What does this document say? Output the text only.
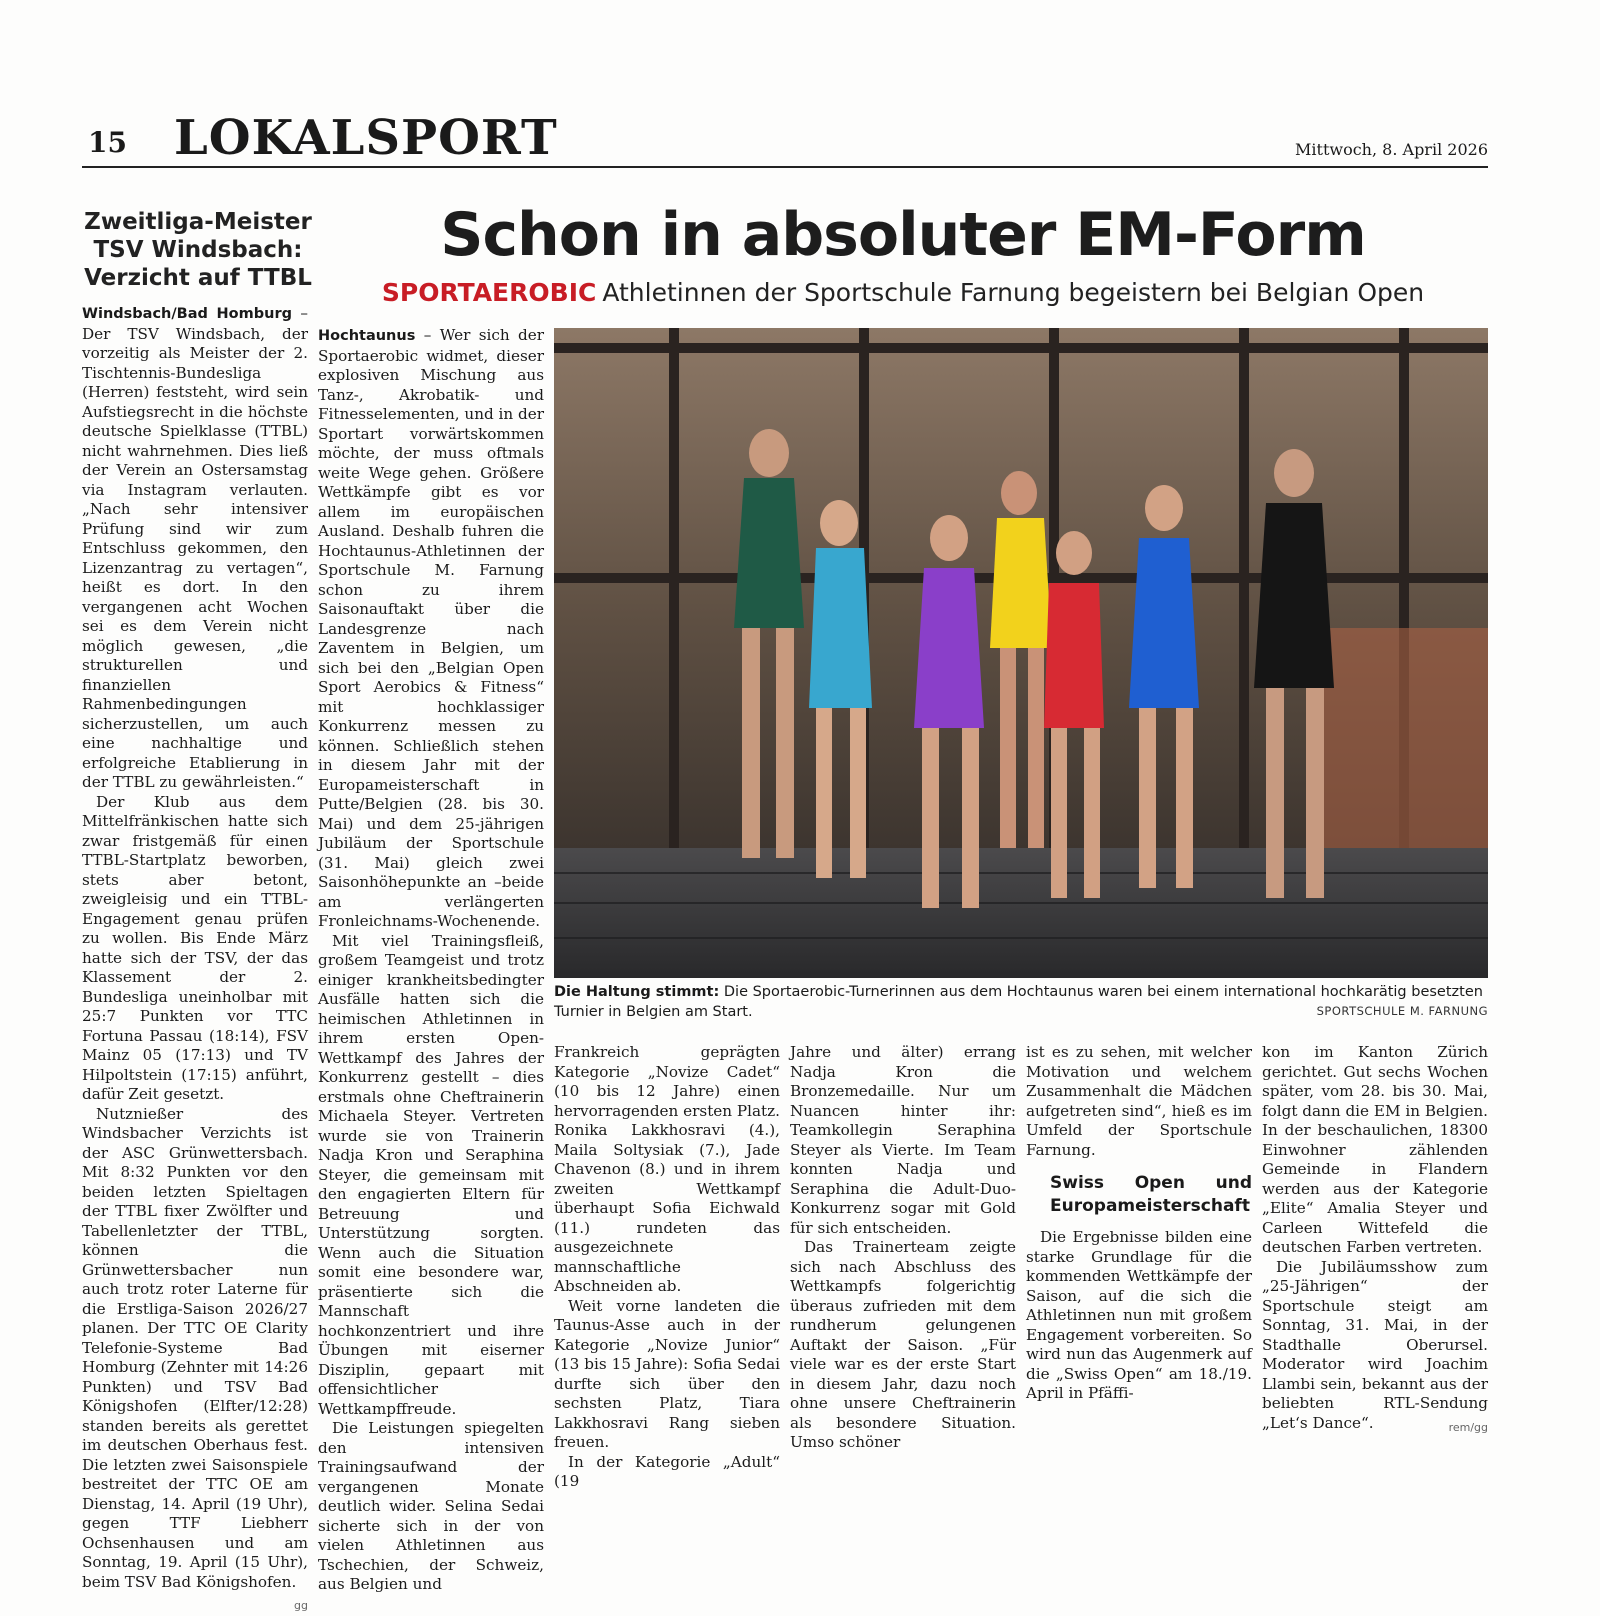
15 LOKALSPORT	Mittwoch, 8. April 2026
Zweitliga-Meister TSV Windsbach: Verzicht auf TTBL

Windsbach/Bad Homburg – Der TSV Windsbach, der vorzeitig als Meister der 2. Tischtennis-Bundesliga (Herren) feststeht, wird sein Aufstiegsrecht in die höchste deutsche Spielklasse (TTBL) nicht wahrnehmen. Dies ließ der Verein an Ostersamstag via Instagram verlauten. „Nach sehr intensiver Prüfung sind wir zum Entschluss gekommen, den Lizenzantrag zu vertagen“, heißt es dort. In den vergangenen acht Wochen sei es dem Verein nicht möglich gewesen, „die strukturellen und finanziellen Rahmenbedingungen sicherzustellen, um auch eine nachhaltige und erfolgreiche Etablierung in der TTBL zu gewährleisten.“

Der Klub aus dem Mittelfränkischen hatte sich zwar fristgemäß für einen TTBL-Startplatz beworben, stets aber betont, zweigleisig und ein TTBL-Engagement genau prüfen zu wollen. Bis Ende März hatte sich der TSV, der das Klassement der 2. Bundesliga uneinholbar mit 25:7 Punkten vor TTC Fortuna Passau (18:14), FSV Mainz 05 (17:13) und TV Hilpoltstein (17:15) anführt, dafür Zeit gesetzt.

Nutznießer des Windsbacher Verzichts ist der ASC Grünwettersbach. Mit 8:32 Punkten vor den beiden letzten Spieltagen der TTBL fixer Zwölfter und Tabellenletzter der TTBL, können die Grünwettersbacher nun auch trotz roter Laterne für die Erstliga-Saison 2026/27 planen. Der TTC OE Clarity Telefonie-Systeme Bad Homburg (Zehnter mit 14:26 Punkten) und TSV Bad Königshofen (Elfter/12:28) standen bereits als gerettet im deutschen Oberhaus fest. Die letzten zwei Saisonspiele bestreitet der TTC OE am Dienstag, 14. April (19 Uhr), gegen TTF Liebherr Ochsenhausen und am Sonntag, 19. April (15 Uhr), beim TSV Bad Königshofen.
gg

Schon in absoluter EM-Form
SPORTAEROBIC Athletinnen der Sportschule Farnung begeistern bei Belgian Open
Die Haltung stimmt: Die Sportaerobic-Turnerinnen aus dem Hochtaunus waren bei einem international hochkarätig besetzten Turnier in Belgien am Start.	SPORTSCHULE M. FARNUNG

Hochtaunus – Wer sich der Sportaerobic widmet, dieser explosiven Mischung aus Tanz-, Akrobatik- und Fitnesselementen, und in der Sportart vorwärtskommen möchte, der muss oftmals weite Wege gehen. Größere Wettkämpfe gibt es vor allem im europäischen Ausland. Deshalb fuhren die Hochtaunus-Athletinnen der Sportschule M. Farnung schon zu ihrem Saisonauftakt über die Landesgrenze nach Zaventem in Belgien, um sich bei den „Belgian Open Sport Aerobics & Fitness“ mit hochklassiger Konkurrenz messen zu können. Schließlich stehen in diesem Jahr mit der Europameisterschaft in Putte/Belgien (28. bis 30. Mai) und dem 25-jährigen Jubiläum der Sportschule (31. Mai) gleich zwei Saisonhöhepunkte an –beide am verlängerten Fronleichnams-Wochenende.

Mit viel Trainingsfleiß, großem Teamgeist und trotz einiger krankheitsbedingter Ausfälle hatten sich die heimischen Athletinnen in ihrem ersten Open-Wettkampf des Jahres der Konkurrenz gestellt – dies erstmals ohne Cheftrainerin Michaela Steyer. Vertreten wurde sie von Trainerin Nadja Kron und Seraphina Steyer, die gemeinsam mit den engagierten Eltern für Betreuung und Unterstützung sorgten. Wenn auch die Situation somit eine besondere war, präsentierte sich die Mannschaft hochkonzentriert und ihre Übungen mit eiserner Disziplin, gepaart mit offensichtlicher Wettkampffreude.

Die Leistungen spiegelten den intensiven Trainingsaufwand der vergangenen Monate deutlich wider. Selina Sedai sicherte sich in der von vielen Athletinnen aus Tschechien, der Schweiz, aus Belgien und

Frankreich geprägten Kategorie „Novize Cadet“ (10 bis 12 Jahre) einen hervorragenden ersten Platz. Ronika Lakkhosravi (4.), Maila Soltysiak (7.), Jade Chavenon (8.) und in ihrem zweiten Wettkampf überhaupt Sofia Eichwald (11.) rundeten das ausgezeichnete mannschaftliche Abschneiden ab.

Weit vorne landeten die Taunus-Asse auch in der Kategorie „Novize Junior“ (13 bis 15 Jahre): Sofia Sedai durfte sich über den sechsten Platz, Tiara Lakkhosravi Rang sieben freuen.

In der Kategorie „Adult“ (19

Jahre und älter) errang Nadja Kron die Bronzemedaille. Nur um Nuancen hinter ihr: Teamkollegin Seraphina Steyer als Vierte. Im Team konnten Nadja und Seraphina die Adult-Duo-Konkurrenz sogar mit Gold für sich entscheiden.

Das Trainerteam zeigte sich nach Abschluss des Wettkampfs folgerichtig überaus zufrieden mit dem rundherum gelungenen Auftakt der Saison. „Für viele war es der erste Start in diesem Jahr, dazu noch ohne unsere Cheftrainerin als besondere Situation. Umso schöner

ist es zu sehen, mit welcher Motivation und welchem Zusammenhalt die Mädchen aufgetreten sind“, hieß es im Umfeld der Sportschule Farnung.

Swiss Open und Europameisterschaft

Die Ergebnisse bilden eine starke Grundlage für die kommenden Wettkämpfe der Saison, auf die sich die Athletinnen nun mit großem Engagement vorbereiten. So wird nun das Augenmerk auf die „Swiss Open“ am 18./19. April in Pfäffi-

kon im Kanton Zürich gerichtet. Gut sechs Wochen später, vom 28. bis 30. Mai, folgt dann die EM in Belgien. In der beschaulichen, 18300 Einwohner zählenden Gemeinde in Flandern werden aus der Kategorie „Elite“ Amalia Steyer und Carleen Wittefeld die deutschen Farben vertreten.

Die Jubiläumsshow zum „25-Jährigen“ der Sportschule steigt am Sonntag, 31. Mai, in der Stadthalle Oberursel. Moderator wird Joachim Llambi sein, bekannt aus der beliebten RTL-Sendung „Let‘s Dance“.	rem/gg
